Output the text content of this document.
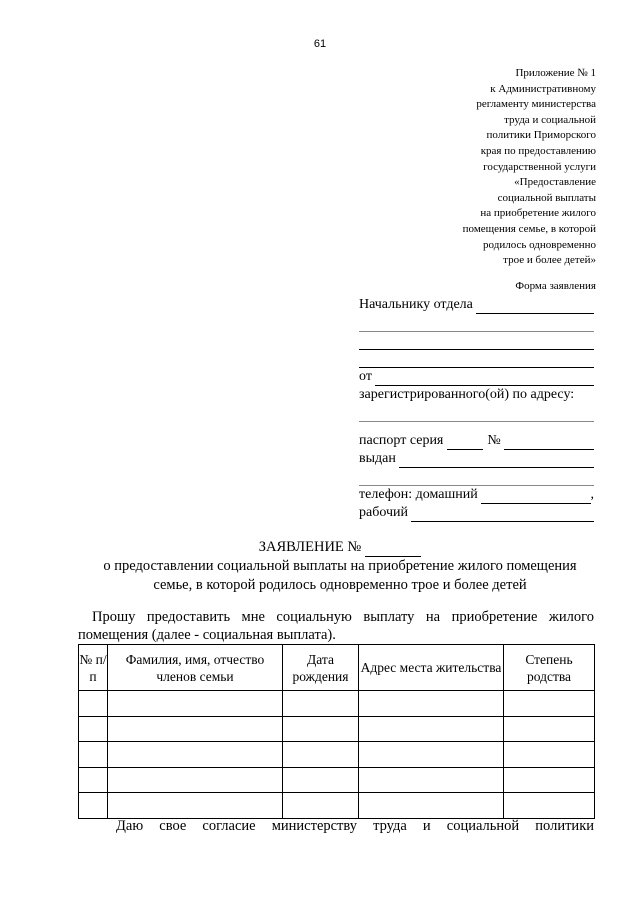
61
Приложение № 1
к Административному
регламенту министерства
труда и социальной
политики Приморского
края по предоставлению
государственной услуги
«Предоставление
социальной выплаты
на приобретение жилого
помещения семье, в которой
родилось одновременно
трое и более детей»
Форма заявления
Начальнику отдела
от
зарегистрированного(ой) по адресу:
паспорт серия	№
выдан
телефон: домашний	,
рабочий
ЗАЯВЛЕНИЕ №
о предоставлении социальной выплаты на приобретение жилого помещения
семье, в которой родилось одновременно трое и более детей
Прошу предоставить мне социальную выплату на приобретение жилого
помещения (далее - социальная выплата).
№ п/п	Фамилия, имя, отчество членов семьи	Дата рождения	Адрес места жительства	Степень родства

Даю свое согласие министерству труда и социальной политики
